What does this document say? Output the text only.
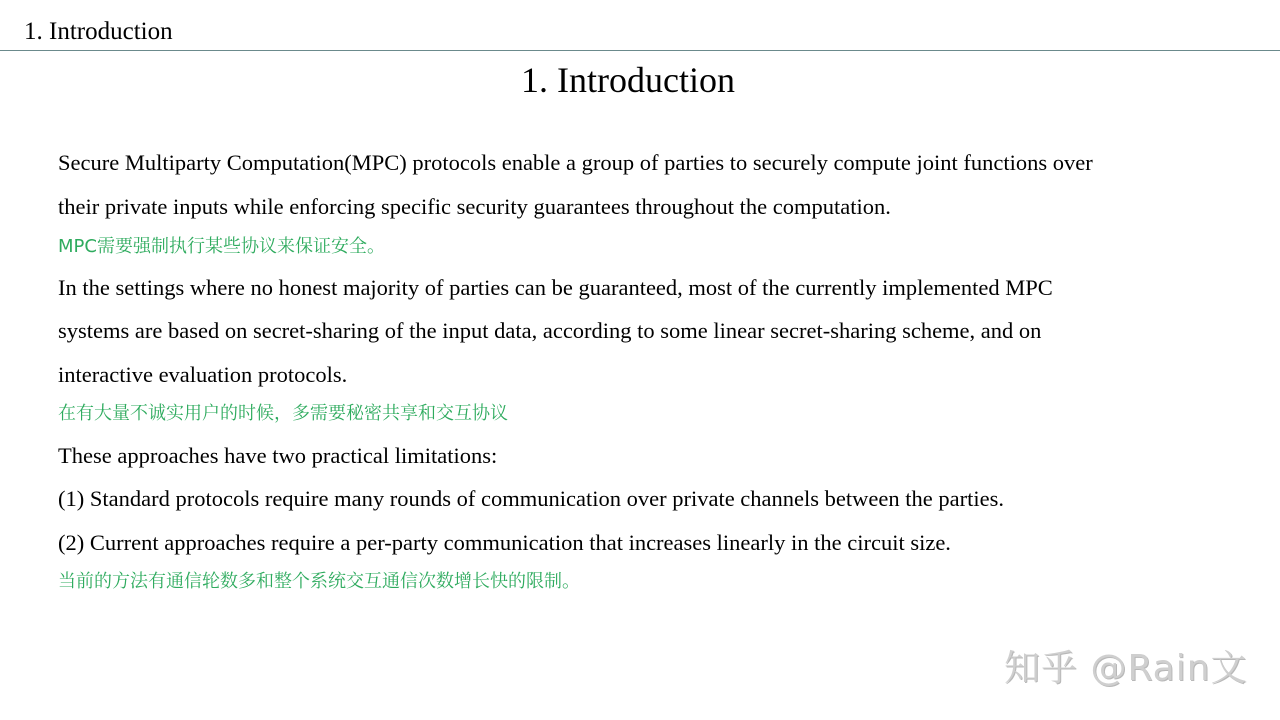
1. Introduction
1. Introduction
Secure Multiparty Computation(MPC) protocols enable a group of parties to securely compute joint functions over
their private inputs while enforcing specific security guarantees throughout the computation.
MPC需要强制执行某些协议来保证安全。
In the settings where no honest majority of parties can be guaranteed, most of the currently implemented MPC
systems are based on secret-sharing of the input data, according to some linear secret-sharing scheme, and on
interactive evaluation protocols.
在有大量不诚实用户的时候，多需要秘密共享和交互协议
These approaches have two practical limitations:
(1) Standard protocols require many rounds of communication over private channels between the parties.
(2) Current approaches require a per-party communication that increases linearly in the circuit size.
当前的方法有通信轮数多和整个系统交互通信次数增长快的限制。
知乎 @Rain文
